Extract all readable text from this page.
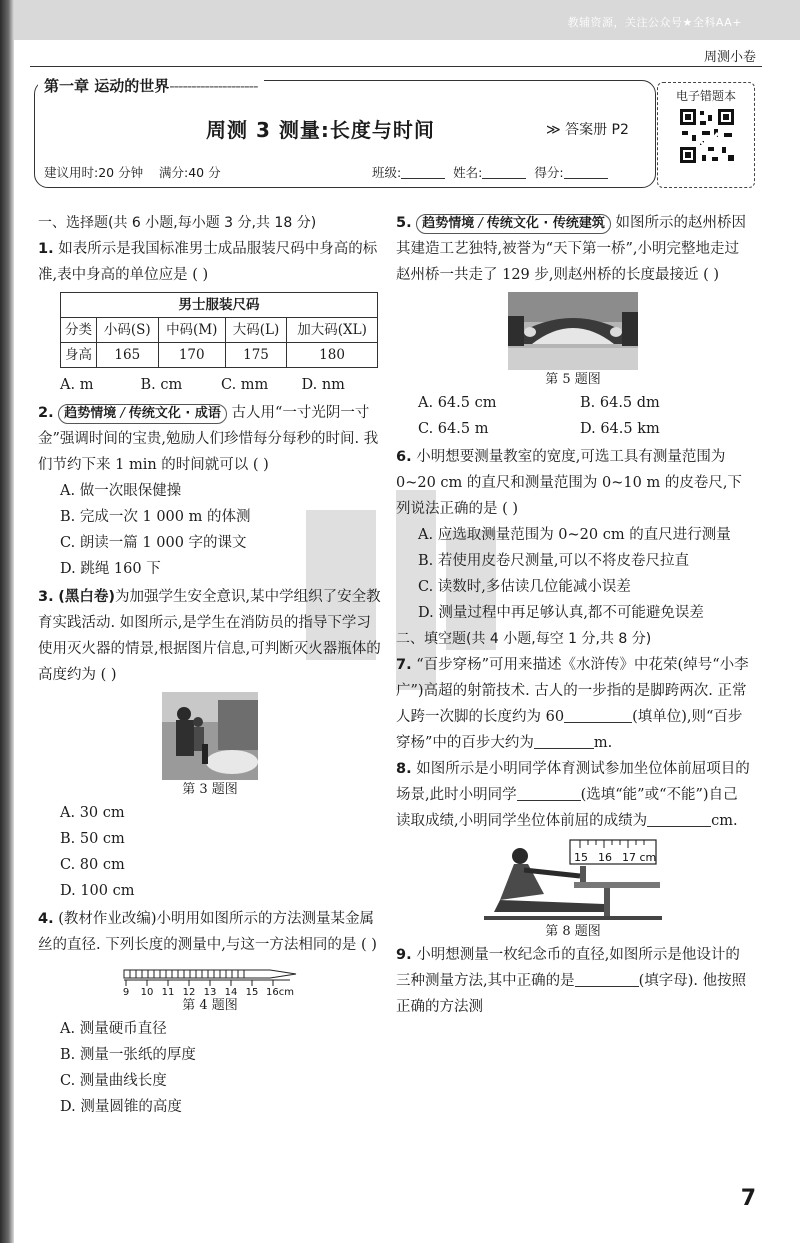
教辅资源，关注公众号★全科AA+
周测小卷
第一章 运动的世界--------------------
周测 3 测量:长度与时间	≫ 答案册 P2
建议用时:20 分钟 满分:40 分	班级:	姓名:	得分:
电子错题本

一、选择题(共 6 小题,每小题 3 分,共 18 分)

1. 如表所示是我国标准男士成品服装尺码中身高的标准,表中身高的单位应是 ( )

男士服装尺码				
分类	小码(S)	中码(M)	大码(L)	加大码(XL)
身高	165	170	175	180
A. m	B. cm	C. mm	D. nm

2. 趋势情境 / 传统文化 · 成语 古人用“一寸光阴一寸金”强调时间的宝贵,勉励人们珍惜每分每秒的时间. 我们节约下来 1 min 的时间就可以 ( )

A. 做一次眼保健操

B. 完成一次 1 000 m 的体测

C. 朗读一篇 1 000 字的课文

D. 跳绳 160 下

3. (黑白卷)为加强学生安全意识,某中学组织了安全教育实践活动. 如图所示,是学生在消防员的指导下学习使用灭火器的情景,根据图片信息,可判断灭火器瓶体的高度约为 ( )

第 3 题图

A. 30 cm
B. 50 cm
C. 80 cm
D. 100 cm

4. (教材作业改编)小明用如图所示的方法测量某金属丝的直径. 下列长度的测量中,与这一方法相同的是 ( )

9 10 11 12 13 14 15 16cm

第 4 题图

A. 测量硬币直径

B. 测量一张纸的厚度

C. 测量曲线长度

D. 测量圆锥的高度

5. 趋势情境 / 传统文化 · 传统建筑 如图所示的赵州桥因其建造工艺独特,被誉为“天下第一桥”,小明完整地走过赵州桥一共走了 129 步,则赵州桥的长度最接近 ( )

第 5 题图

A. 64.5 cm	B. 64.5 dm
C. 64.5 m	D. 64.5 km

6. 小明想要测量教室的宽度,可选工具有测量范围为 0~20 cm 的直尺和测量范围为 0~10 m 的皮卷尺,下列说法正确的是 ( )

A. 应选取测量范围为 0~20 cm 的直尺进行测量

B. 若使用皮卷尺测量,可以不将皮卷尺拉直

C. 读数时,多估读几位能减小误差

D. 测量过程中再足够认真,都不可能避免误差

二、填空题(共 4 小题,每空 1 分,共 8 分)

7. “百步穿杨”可用来描述《水浒传》中花荣(绰号“小李广”)高超的射箭技术. 古人的一步指的是脚跨两次. 正常人跨一次脚的长度约为 60	(填单位),则“百步穿杨”中的百步大约为	m.

8. 如图所示是小明同学体育测试参加坐位体前屈项目的场景,此时小明同学	(选填“能”或“不能”)自己读取成绩,小明同学坐位体前屈的成绩为	cm.

15 16 17 cm

第 8 题图

9. 小明想测量一枚纪念币的直径,如图所示是他设计的三种测量方法,其中正确的是	(填字母). 他按照正确的方法测

7
